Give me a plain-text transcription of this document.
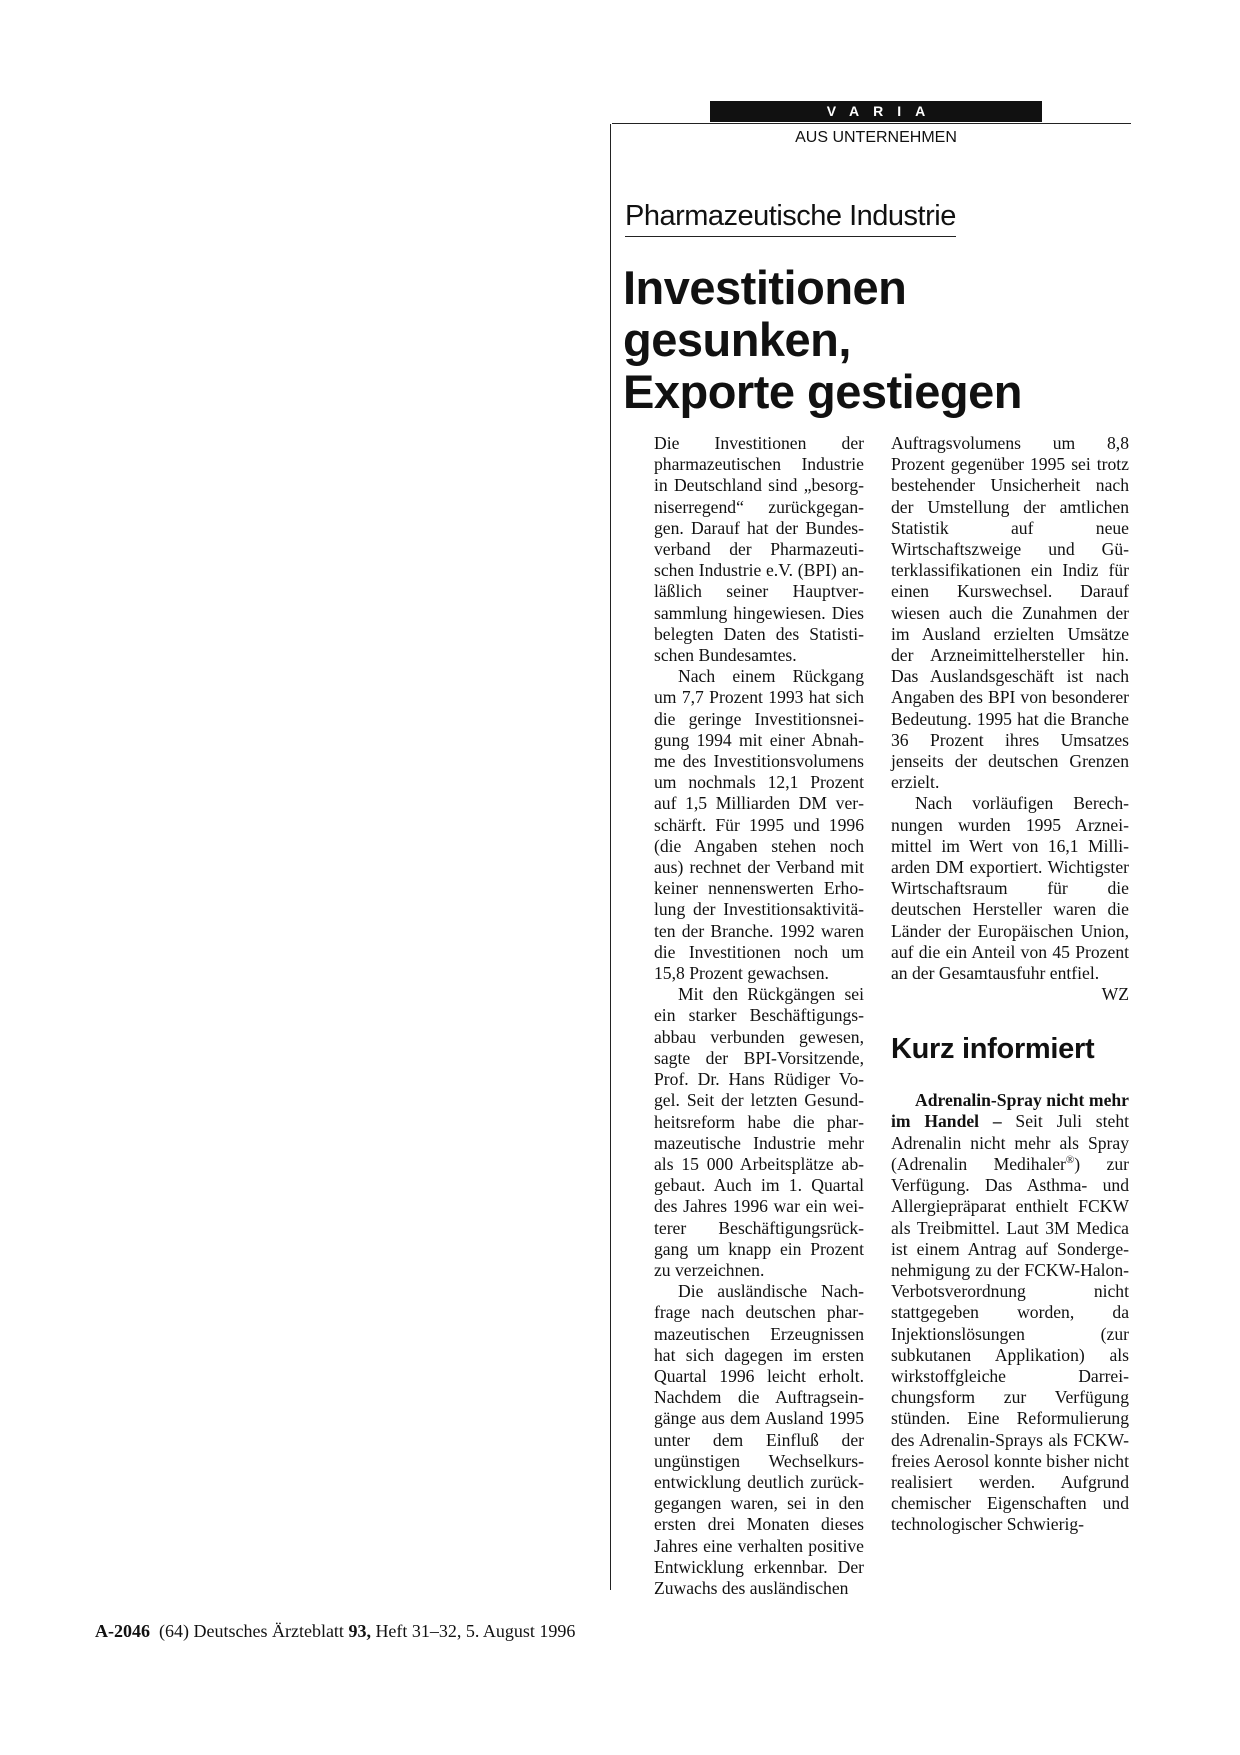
VARIA
AUS UNTERNEHMEN
Pharmazeutische Industrie
Investitionen
gesunken,
Exporte gestiegen

Die Investitionen der pharmazeutischen Industrie in Deutschland sind „besorgniserregend“ zurückgegangen. Darauf hat der Bundesverband der Pharmazeutischen Industrie e.V. (BPI) anläßlich seiner Hauptversammlung hingewiesen. Dies belegten Daten des Statistischen Bundesamtes.

Nach einem Rückgang um 7,7 Prozent 1993 hat sich die geringe Investitionsneigung 1994 mit einer Abnahme des Investitionsvolumens um nochmals 12,1 Prozent auf 1,5 Milliarden DM verschärft. Für 1995 und 1996 (die Angaben stehen noch aus) rechnet der Verband mit keiner nennenswerten Erholung der Investitionsaktivitäten der Branche. 1992 waren die Investitionen noch um 15,8 Prozent gewachsen.

Mit den Rückgängen sei ein starker Beschäftigungsabbau verbunden gewesen, sagte der BPI-Vorsitzende, Prof. Dr. Hans Rüdiger Vogel. Seit der letzten Gesundheitsreform habe die pharmazeutische Industrie mehr als 15 000 Arbeitsplätze abgebaut. Auch im 1. Quartal des Jahres 1996 war ein weiterer Beschäftigungsrückgang um knapp ein Prozent zu verzeichnen.

Die ausländische Nachfrage nach deutschen pharmazeutischen Erzeugnissen hat sich dagegen im ersten Quartal 1996 leicht erholt. Nachdem die Auftragseingänge aus dem Ausland 1995 unter dem Einfluß der ungünstigen Wechselkursentwicklung deutlich zurückgegangen waren, sei in den ersten drei Monaten dieses Jahres eine verhalten positive Entwicklung erkennbar. Der Zuwachs des ausländischen

Auftragsvolumens um 8,8 Prozent gegenüber 1995 sei trotz bestehender Unsicherheit nach der Umstellung der amtlichen Statistik auf neue Wirtschaftszweige und Güterklassifikationen ein Indiz für einen Kurswechsel. Darauf wiesen auch die Zunahmen der im Ausland erzielten Umsätze der Arzneimittelhersteller hin. Das Auslandsgeschäft ist nach Angaben des BPI von besonderer Bedeutung. 1995 hat die Branche 36 Prozent ihres Umsatzes jenseits der deutschen Grenzen erzielt.

Nach vorläufigen Berechnungen wurden 1995 Arzneimittel im Wert von 16,1 Milliarden DM exportiert. Wichtigster Wirtschaftsraum für die deutschen Hersteller waren die Länder der Europäischen Union, auf die ein Anteil von 45 Prozent an der Gesamtausfuhr entfiel.
WZ

Kurz informiert

Adrenalin-Spray nicht mehr im Handel – Seit Juli steht Adrenalin nicht mehr als Spray (Adrenalin Medihaler®) zur Verfügung. Das Asthma- und Allergiepräparat enthielt FCKW als Treibmittel. Laut 3M Medica ist einem Antrag auf Sondergenehmigung zu der FCKW-Halon-Verbotsverordnung nicht stattgegeben worden, da Injektionslösungen (zur subkutanen Applikation) als wirkstoffgleiche Darreichungsform zur Verfügung stünden. Eine Reformulierung des Adrenalin-Sprays als FCKW-freies Aerosol konnte bisher nicht realisiert werden. Aufgrund chemischer Eigenschaften und technologischer Schwierig-

A-2046 (64) Deutsches Ärzteblatt 93, Heft 31–32, 5. August 1996
